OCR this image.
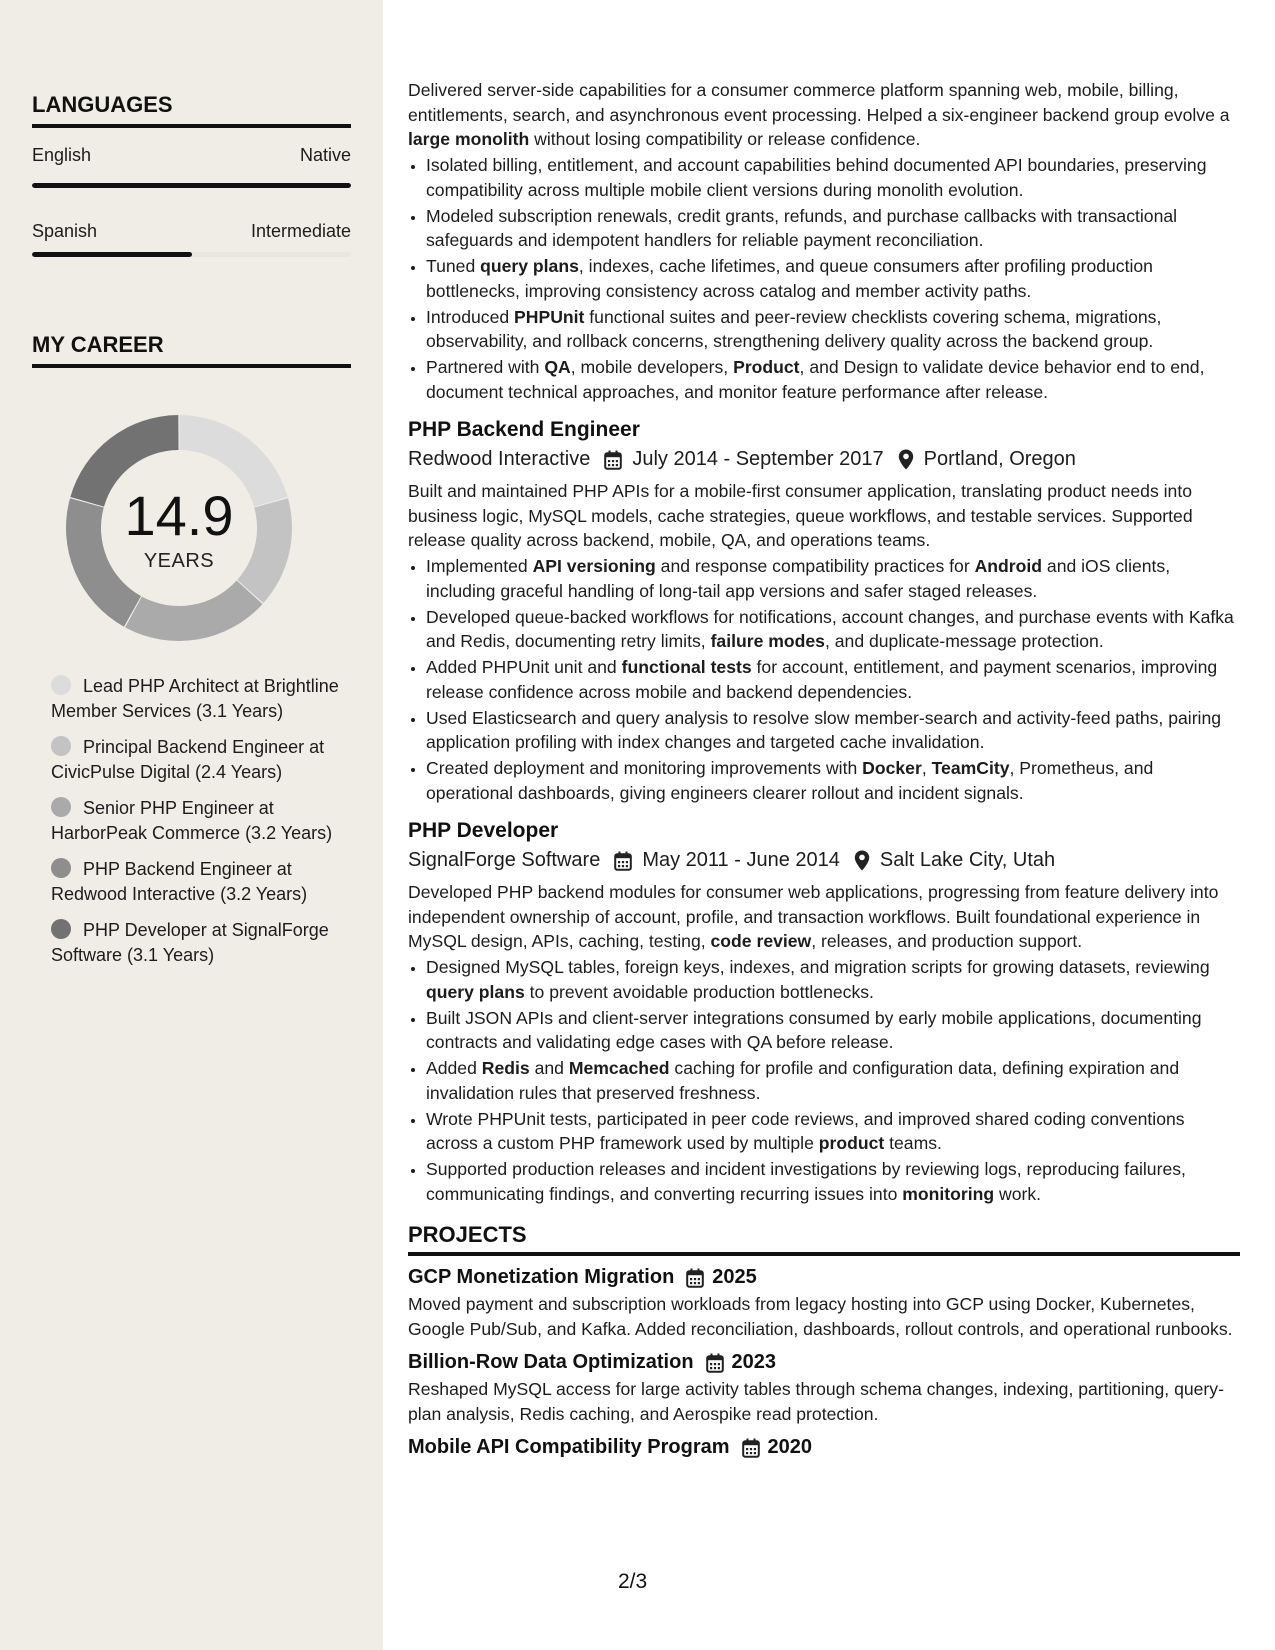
LANGUAGES
English	Native
Spanish	Intermediate
MY CAREER
14.9
YEARS
Lead PHP Architect at Brightline Member Services (3.1 Years)
Principal Backend Engineer at CivicPulse Digital (2.4 Years)
Senior PHP Engineer at HarborPeak Commerce (3.2 Years)
PHP Backend Engineer at Redwood Interactive (3.2 Years)
PHP Developer at SignalForge Software (3.1 Years)

Delivered server-side capabilities for a consumer commerce platform spanning web, mobile, billing, entitlements, search, and asynchronous event processing. Helped a six-engineer backend group evolve a large monolith without losing compatibility or release confidence.

• Isolated billing, entitlement, and account capabilities behind documented API boundaries, preserving compatibility across multiple mobile client versions during monolith evolution.
• Modeled subscription renewals, credit grants, refunds, and purchase callbacks with transactional safeguards and idempotent handlers for reliable payment reconciliation.
• Tuned query plans, indexes, cache lifetimes, and queue consumers after profiling production bottlenecks, improving consistency across catalog and member activity paths.
• Introduced PHPUnit functional suites and peer-review checklists covering schema, migrations, observability, and rollback concerns, strengthening delivery quality across the backend group.
• Partnered with QA, mobile developers, Product, and Design to validate device behavior end to end, document technical approaches, and monitor feature performance after release.
PHP Backend Engineer
Redwood Interactive July 2014 - September 2017 Portland, Oregon

Built and maintained PHP APIs for a mobile-first consumer application, translating product needs into business logic, MySQL models, cache strategies, queue workflows, and testable services. Supported release quality across backend, mobile, QA, and operations teams.

• Implemented API versioning and response compatibility practices for Android and iOS clients, including graceful handling of long-tail app versions and safer staged releases.
• Developed queue-backed workflows for notifications, account changes, and purchase events with Kafka and Redis, documenting retry limits, failure modes, and duplicate-message protection.
• Added PHPUnit unit and functional tests for account, entitlement, and payment scenarios, improving release confidence across mobile and backend dependencies.
• Used Elasticsearch and query analysis to resolve slow member-search and activity-feed paths, pairing application profiling with index changes and targeted cache invalidation.
• Created deployment and monitoring improvements with Docker, TeamCity, Prometheus, and operational dashboards, giving engineers clearer rollout and incident signals.
PHP Developer
SignalForge Software May 2011 - June 2014 Salt Lake City, Utah

Developed PHP backend modules for consumer web applications, progressing from feature delivery into independent ownership of account, profile, and transaction workflows. Built foundational experience in MySQL design, APIs, caching, testing, code review, releases, and production support.

• Designed MySQL tables, foreign keys, indexes, and migration scripts for growing datasets, reviewing query plans to prevent avoidable production bottlenecks.
• Built JSON APIs and client-server integrations consumed by early mobile applications, documenting contracts and validating edge cases with QA before release.
• Added Redis and Memcached caching for profile and configuration data, defining expiration and invalidation rules that preserved freshness.
• Wrote PHPUnit tests, participated in peer code reviews, and improved shared coding conventions across a custom PHP framework used by multiple product teams.
• Supported production releases and incident investigations by reviewing logs, reproducing failures, communicating findings, and converting recurring issues into monitoring work.
PROJECTS
GCP Monetization Migration 2025

Moved payment and subscription workloads from legacy hosting into GCP using Docker, Kubernetes, Google Pub/Sub, and Kafka. Added reconciliation, dashboards, rollout controls, and operational runbooks.

Billion-Row Data Optimization 2023

Reshaped MySQL access for large activity tables through schema changes, indexing, partitioning, query-plan analysis, Redis caching, and Aerospike read protection.

Mobile API Compatibility Program 2020
2/3
